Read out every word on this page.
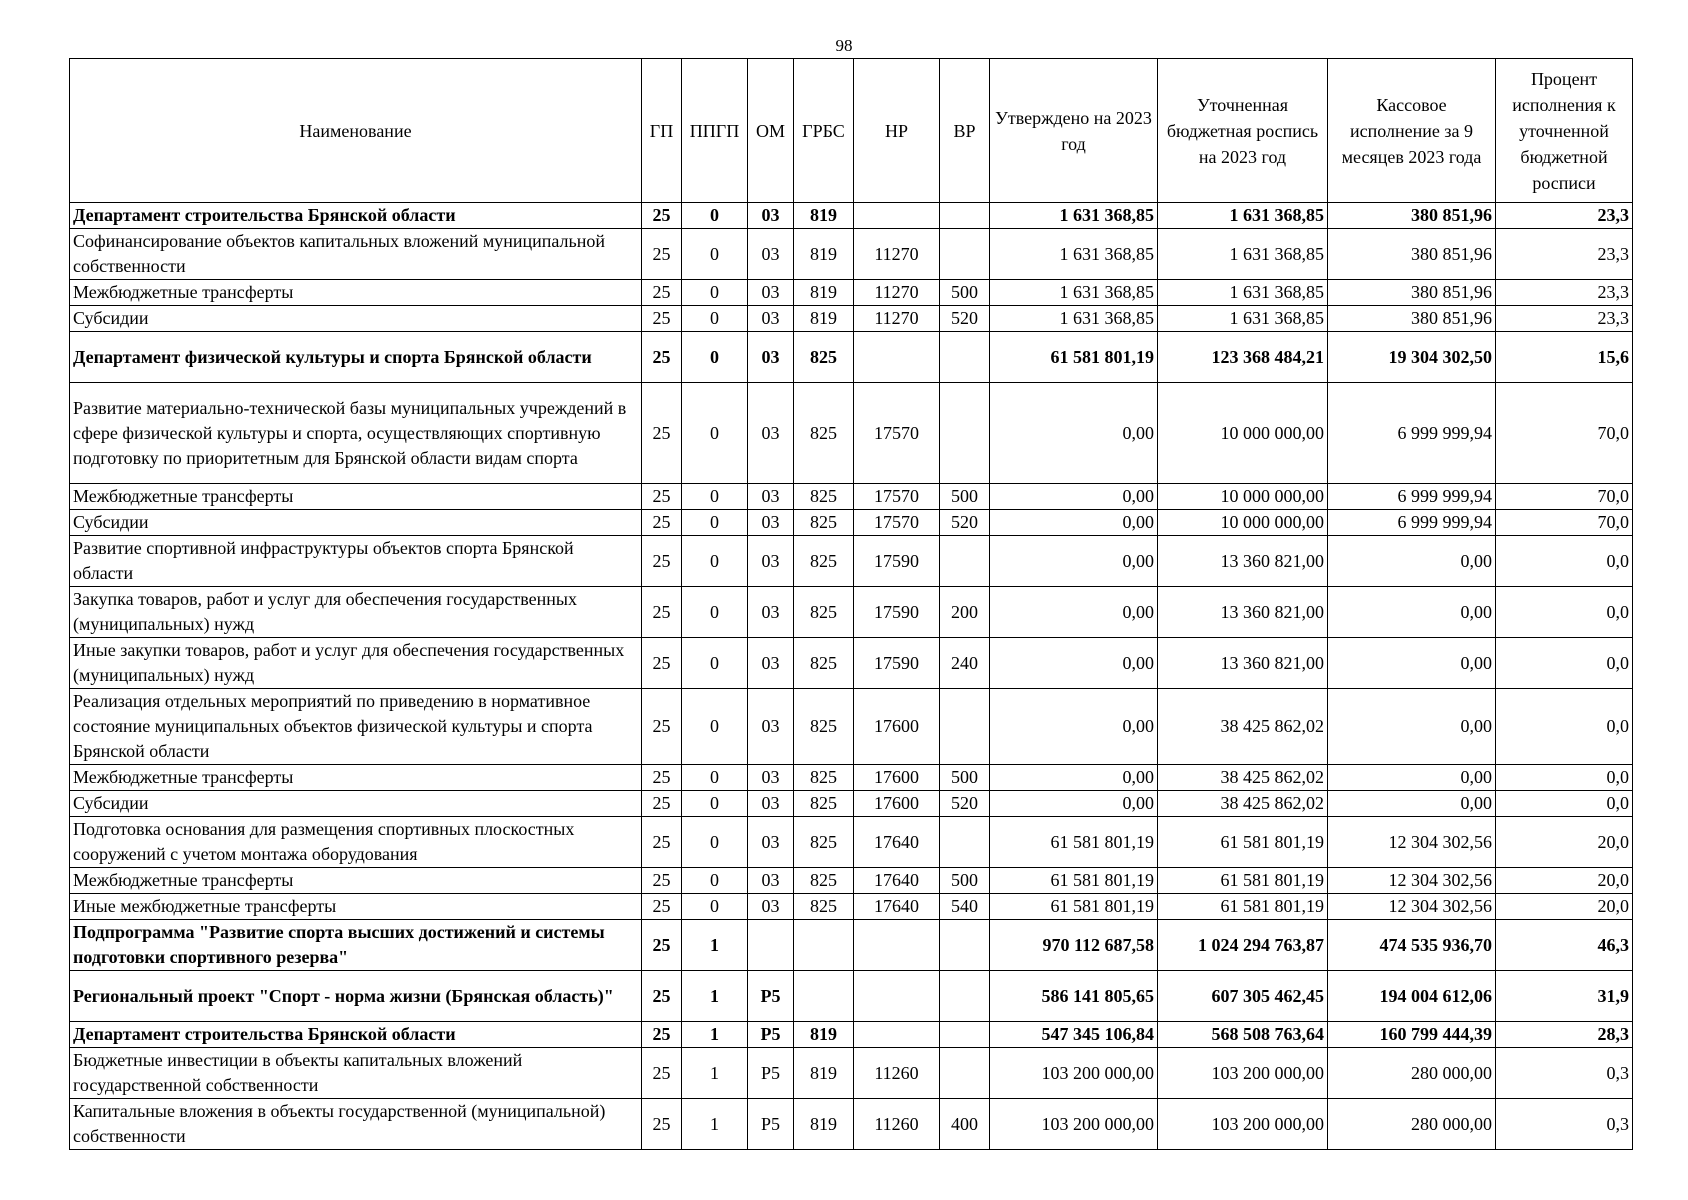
98
Наименование	ГП	ППГП	ОМ	ГРБС	НР	ВР	Утверждено на 2023 год	Уточненная бюджетная роспись на 2023 год	Кассовое исполнение за 9 месяцев 2023 года	Процент исполнения к уточненной бюджетной росписи
Департамент строительства Брянской области	25	0	03	819			1 631 368,85	1 631 368,85	380 851,96	23,3
Софинансирование объектов капитальных вложений муниципальной собственности	25	0	03	819	11270		1 631 368,85	1 631 368,85	380 851,96	23,3
Межбюджетные трансферты	25	0	03	819	11270	500	1 631 368,85	1 631 368,85	380 851,96	23,3
Субсидии	25	0	03	819	11270	520	1 631 368,85	1 631 368,85	380 851,96	23,3
Департамент физической культуры и спорта Брянской области	25	0	03	825			61 581 801,19	123 368 484,21	19 304 302,50	15,6
Развитие материально-технической базы муниципальных учреждений в сфере физической культуры и спорта, осуществляющих спортивную подготовку по приоритетным для Брянской области видам спорта	25	0	03	825	17570		0,00	10 000 000,00	6 999 999,94	70,0
Межбюджетные трансферты	25	0	03	825	17570	500	0,00	10 000 000,00	6 999 999,94	70,0
Субсидии	25	0	03	825	17570	520	0,00	10 000 000,00	6 999 999,94	70,0
Развитие спортивной инфраструктуры объектов спорта Брянской области	25	0	03	825	17590		0,00	13 360 821,00	0,00	0,0
Закупка товаров, работ и услуг для обеспечения государственных (муниципальных) нужд	25	0	03	825	17590	200	0,00	13 360 821,00	0,00	0,0
Иные закупки товаров, работ и услуг для обеспечения государственных (муниципальных) нужд	25	0	03	825	17590	240	0,00	13 360 821,00	0,00	0,0
Реализация отдельных мероприятий по приведению в нормативное состояние муниципальных объектов физической культуры и спорта Брянской области	25	0	03	825	17600		0,00	38 425 862,02	0,00	0,0
Межбюджетные трансферты	25	0	03	825	17600	500	0,00	38 425 862,02	0,00	0,0
Субсидии	25	0	03	825	17600	520	0,00	38 425 862,02	0,00	0,0
Подготовка основания для размещения спортивных плоскостных сооружений с учетом монтажа оборудования	25	0	03	825	17640		61 581 801,19	61 581 801,19	12 304 302,56	20,0
Межбюджетные трансферты	25	0	03	825	17640	500	61 581 801,19	61 581 801,19	12 304 302,56	20,0
Иные межбюджетные трансферты	25	0	03	825	17640	540	61 581 801,19	61 581 801,19	12 304 302,56	20,0
Подпрограмма "Развитие спорта высших достижений и системы подготовки спортивного резерва"	25	1					970 112 687,58	1 024 294 763,87	474 535 936,70	46,3
Региональный проект "Спорт - норма жизни (Брянская область)"	25	1	P5				586 141 805,65	607 305 462,45	194 004 612,06	31,9
Департамент строительства Брянской области	25	1	P5	819			547 345 106,84	568 508 763,64	160 799 444,39	28,3
Бюджетные инвестиции в объекты капитальных вложений государственной собственности	25	1	P5	819	11260		103 200 000,00	103 200 000,00	280 000,00	0,3
Капитальные вложения в объекты государственной (муниципальной) собственности	25	1	P5	819	11260	400	103 200 000,00	103 200 000,00	280 000,00	0,3
